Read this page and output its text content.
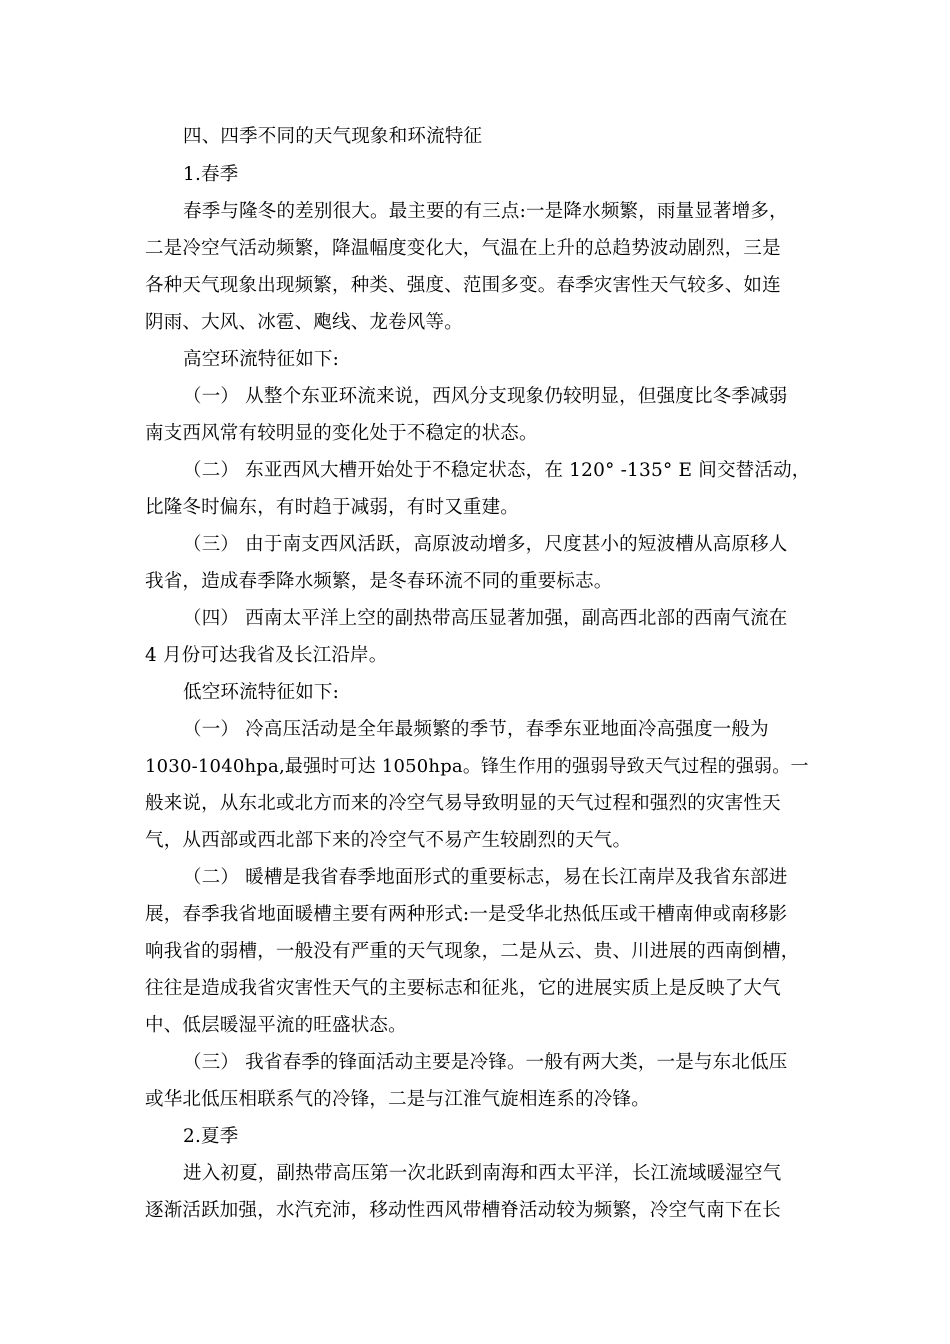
四、四季不同的天气现象和环流特征
1.春季
春季与隆冬的差别很大。最主要的有三点:一是降水频繁，雨量显著增多，
二是冷空气活动频繁，降温幅度变化大，气温在上升的总趋势波动剧烈，三是
各种天气现象出现频繁，种类、强度、范围多变。春季灾害性天气较多、如连
阴雨、大风、冰雹、飑线、龙卷风等。
高空环流特征如下:
（一） 从整个东亚环流来说，西风分支现象仍较明显，但强度比冬季减弱
南支西风常有较明显的变化处于不稳定的状态。
（二） 东亚西风大槽开始处于不稳定状态，在 120° -135° E 间交替活动，
比隆冬时偏东，有时趋于减弱，有时又重建。
（三） 由于南支西风活跃，高原波动增多，尺度甚小的短波槽从高原移人
我省，造成春季降水频繁，是冬春环流不同的重要标志。
（四） 西南太平洋上空的副热带高压显著加强，副高西北部的西南气流在
4 月份可达我省及长江沿岸。
低空环流特征如下:
（一） 冷高压活动是全年最频繁的季节，春季东亚地面冷高强度一般为
1030-1040hpa,最强时可达 1050hpa。锋生作用的强弱导致天气过程的强弱。一
般来说，从东北或北方而来的冷空气易导致明显的天气过程和强烈的灾害性天
气，从西部或西北部下来的冷空气不易产生较剧烈的天气。
（二） 暖槽是我省春季地面形式的重要标志，易在长江南岸及我省东部进
展，春季我省地面暖槽主要有两种形式:一是受华北热低压或干槽南伸或南移影
响我省的弱槽，一般没有严重的天气现象，二是从云、贵、川进展的西南倒槽，
往往是造成我省灾害性天气的主要标志和征兆，它的进展实质上是反映了大气
中、低层暖湿平流的旺盛状态。
（三） 我省春季的锋面活动主要是冷锋。一般有两大类，一是与东北低压
或华北低压相联系气的冷锋，二是与江淮气旋相连系的冷锋。
2.夏季
进入初夏，副热带高压第一次北跃到南海和西太平洋，长江流域暖湿空气
逐渐活跃加强，水汽充沛，移动性西风带槽脊活动较为频繁，冷空气南下在长
